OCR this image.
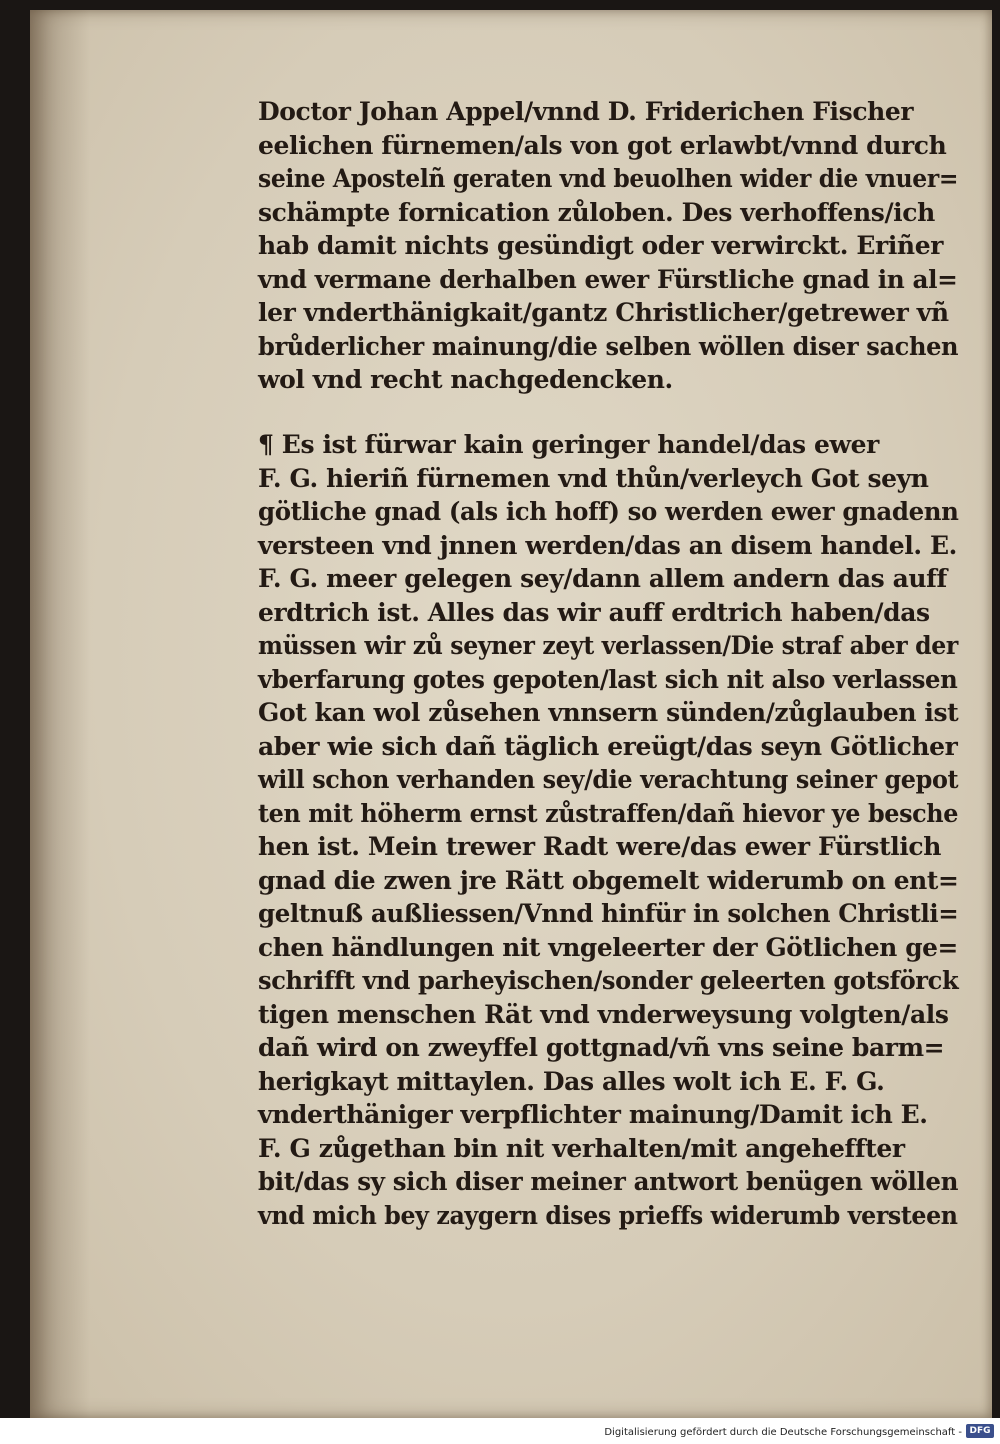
Doctor Johan Appel/vnnd D. Friderichen Fischer
eelichen fürnemen/als von got erlawbt/vnnd durch
seine Apostelñ geraten vnd beuolhen wider die vnuer=
schämpte fornication zůloben. Des verhoffens/ich
hab damit nichts gesündigt oder verwirckt. Eriñer
vnd vermane derhalben ewer Fürstliche gnad in al=
ler vnderthänigkait/gantz Christlicher/getrewer vñ
brůderlicher mainung/die selben wöllen diser sachen
wol vnd recht nachgedencken.
¶ Es ist fürwar kain geringer handel/das ewer
F. G. hieriñ fürnemen vnd thůn/verleych Got seyn
götliche gnad (als ich hoff) so werden ewer gnadenn
versteen vnd jnnen werden/das an disem handel. E.
F. G. meer gelegen sey/dann allem andern das auff
erdtrich ist. Alles das wir auff erdtrich haben/das
müssen wir zů seyner zeyt verlassen/Die straf aber der
vberfarung gotes gepoten/last sich nit also verlassen
Got kan wol zůsehen vnnsern sünden/zůglauben ist
aber wie sich dañ täglich ereügt/das seyn Götlicher
will schon verhanden sey/die verachtung seiner gepot
ten mit höherm ernst zůstraffen/dañ hievor ye besche
hen ist. Mein trewer Radt were/das ewer Fürstlich
gnad die zwen jre Rätt obgemelt widerumb on ent=
geltnuß außliessen/Vnnd hinfür in solchen Christli=
chen händlungen nit vngeleerter der Götlichen ge=
schrifft vnd parheyischen/sonder geleerten gotsförck
tigen menschen Rät vnd vnderweysung volgten/als
dañ wird on zweyffel gottgnad/vñ vns seine barm=
herigkayt mittaylen. Das alles wolt ich E. F. G.
vnderthäniger verpflichter mainung/Damit ich E.
F. G zůgethan bin nit verhalten/mit angeheffter
bit/das sy sich diser meiner antwort benügen wöllen
vnd mich bey zaygern dises prieffs widerumb versteen
Digitalisierung gefördert durch die Deutsche Forschungsgemeinschaft - DFG
